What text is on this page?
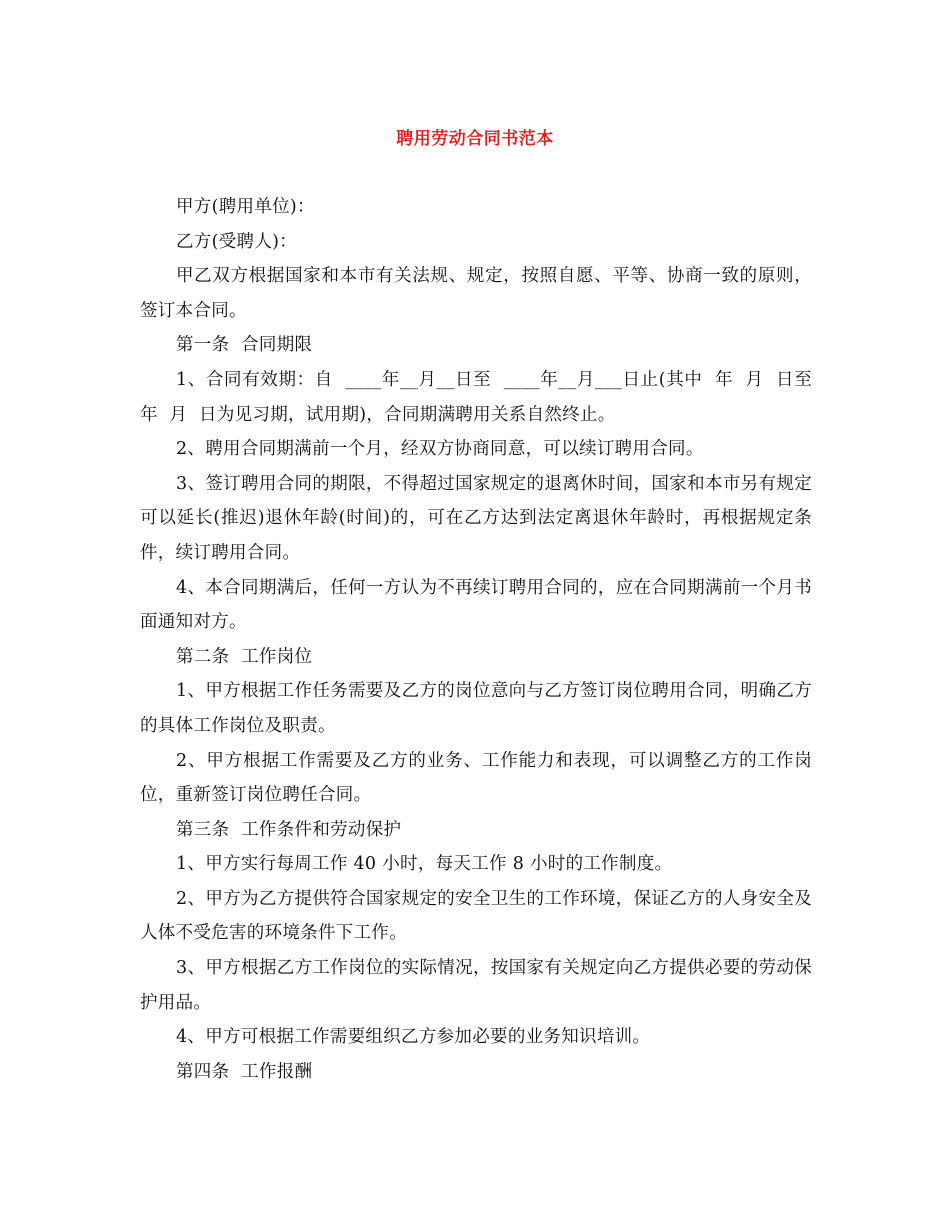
聘用劳动合同书范本

甲方(聘用单位)：

乙方(受聘人)：

甲乙双方根据国家和本市有关法规、规定，按照自愿、平等、协商一致的原则，签订本合同。

第一条  合同期限

1、合同有效期：自  ____年__月__日至  ____年__月___日止(其中  年  月  日至  年  月  日为见习期，试用期)，合同期满聘用关系自然终止。

2、聘用合同期满前一个月，经双方协商同意，可以续订聘用合同。

3、签订聘用合同的期限，不得超过国家规定的退离休时间，国家和本市另有规定可以延长(推迟)退休年龄(时间)的，可在乙方达到法定离退休年龄时，再根据规定条件，续订聘用合同。

4、本合同期满后，任何一方认为不再续订聘用合同的，应在合同期满前一个月书面通知对方。

第二条  工作岗位

1、甲方根据工作任务需要及乙方的岗位意向与乙方签订岗位聘用合同，明确乙方的具体工作岗位及职责。

2、甲方根据工作需要及乙方的业务、工作能力和表现，可以调整乙方的工作岗位，重新签订岗位聘任合同。

第三条  工作条件和劳动保护

1、甲方实行每周工作 40 小时，每天工作 8 小时的工作制度。

2、甲方为乙方提供符合国家规定的安全卫生的工作环境，保证乙方的人身安全及人体不受危害的环境条件下工作。

3、甲方根据乙方工作岗位的实际情况，按国家有关规定向乙方提供必要的劳动保护用品。

4、甲方可根据工作需要组织乙方参加必要的业务知识培训。

第四条  工作报酬
